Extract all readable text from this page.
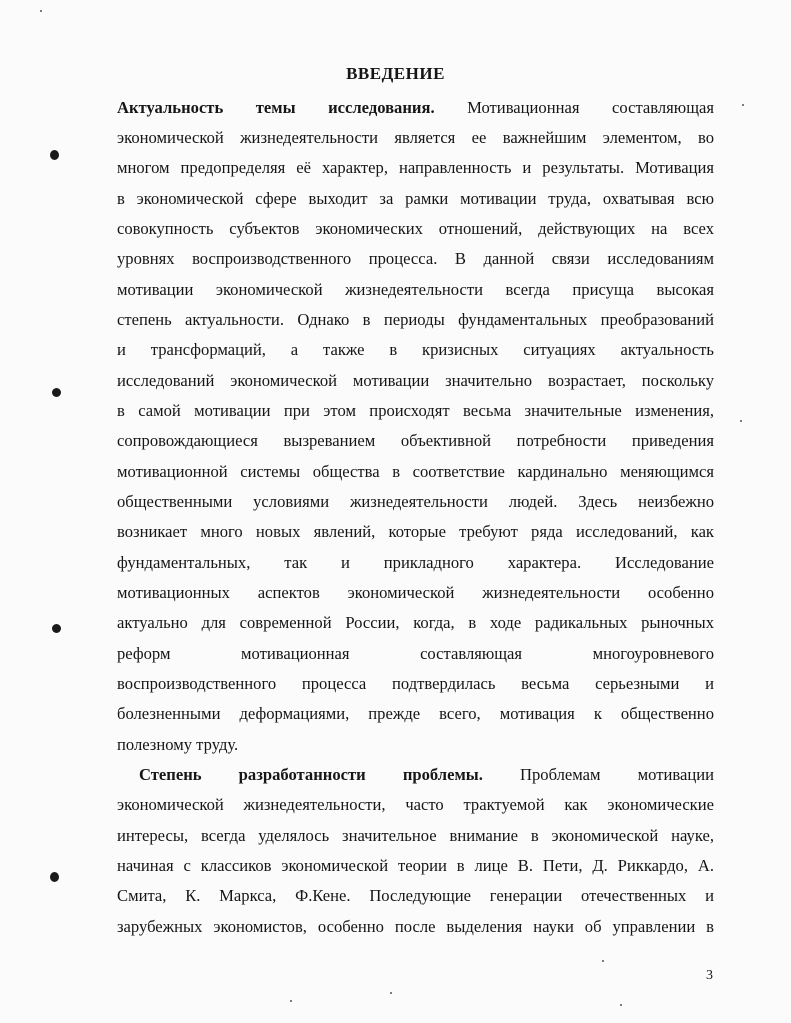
ВВЕДЕНИЕ
Актуальность темы исследования. Мотивационная составляющая
экономической жизнедеятельности является ее важнейшим элементом, во
многом предопределяя её характер, направленность и результаты. Мотивация
в экономической сфере выходит за рамки мотивации труда, охватывая всю
совокупность субъектов экономических отношений, действующих на всех
уровнях воспроизводственного процесса. В данной связи исследованиям
мотивации экономической жизнедеятельности всегда присуща высокая
степень актуальности. Однако в периоды фундаментальных преобразований
и трансформаций, а также в кризисных ситуациях актуальность
исследований экономической мотивации значительно возрастает, поскольку
в самой мотивации при этом происходят весьма значительные изменения,
сопровождающиеся вызреванием объективной потребности приведения
мотивационной системы общества в соответствие кардинально меняющимся
общественными условиями жизнедеятельности людей. Здесь неизбежно
возникает много новых явлений, которые требуют ряда исследований, как
фундаментальных, так и прикладного характера. Исследование
мотивационных аспектов экономической жизнедеятельности особенно
актуально для современной России, когда, в ходе радикальных рыночных
реформ мотивационная составляющая многоуровневого
воспроизводственного процесса подтвердилась весьма серьезными и
болезненными деформациями, прежде всего, мотивация к общественно
полезному труду.
Степень разработанности проблемы. Проблемам мотивации
экономической жизнедеятельности, часто трактуемой как экономические
интересы, всегда уделялось значительное внимание в экономической науке,
начиная с классиков экономической теории в лице В. Пети, Д. Риккардо, А.
Смита, К. Маркса, Ф.Кене. Последующие генерации отечественных и
зарубежных экономистов, особенно после выделения науки об управлении в
3
